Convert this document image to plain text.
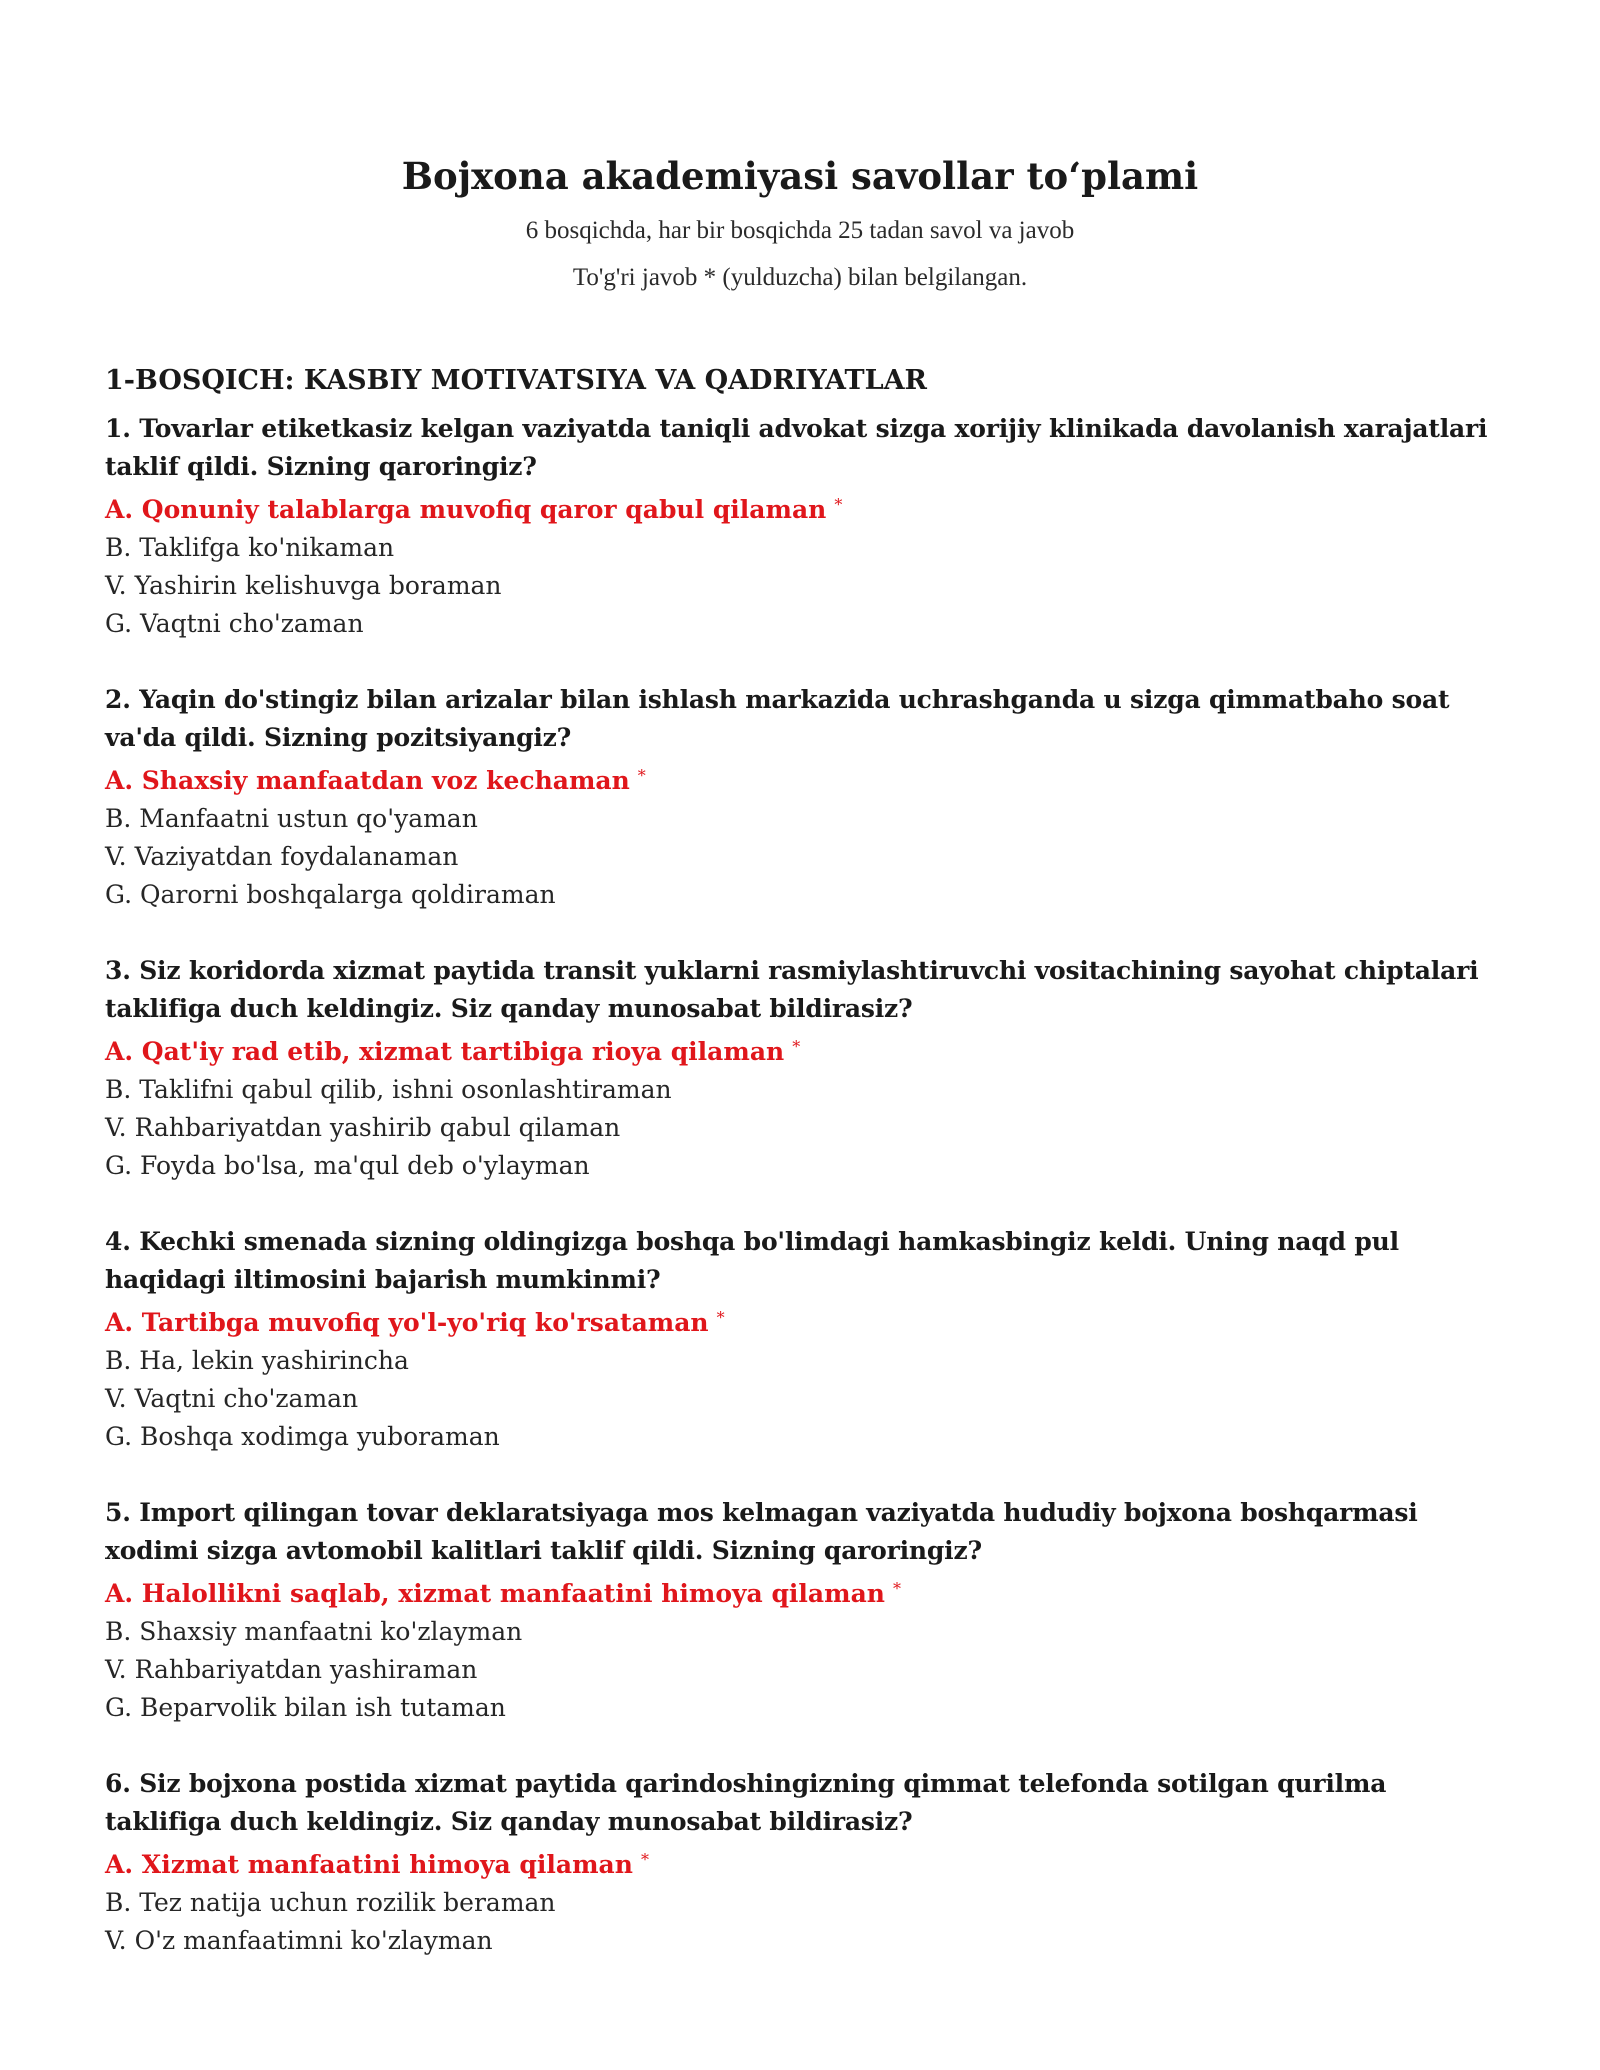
Bojxona akademiyasi savollar to‘plami
6 bosqichda, har bir bosqichda 25 tadan savol va javob
To'g'ri javob * (yulduzcha) bilan belgilangan.
1-BOSQICH: KASBIY MOTIVATSIYA VA QADRIYATLAR
1. Tovarlar etiketkasiz kelgan vaziyatda taniqli advokat sizga xorijiy klinikada davolanish xarajatlari taklif qildi. Sizning qaroringiz?
A. Qonuniy talablarga muvofiq qaror qabul qilaman *
B. Taklifga ko'nikaman
V. Yashirin kelishuvga boraman
G. Vaqtni cho'zaman
2. Yaqin do'stingiz bilan arizalar bilan ishlash markazida uchrashganda u sizga qimmatbaho soat va'da qildi. Sizning pozitsiyangiz?
A. Shaxsiy manfaatdan voz kechaman *
B. Manfaatni ustun qo'yaman
V. Vaziyatdan foydalanaman
G. Qarorni boshqalarga qoldiraman
3. Siz koridorda xizmat paytida transit yuklarni rasmiylashtiruvchi vositachining sayohat chiptalari taklifiga duch keldingiz. Siz qanday munosabat bildirasiz?
A. Qat'iy rad etib, xizmat tartibiga rioya qilaman *
B. Taklifni qabul qilib, ishni osonlashtiraman
V. Rahbariyatdan yashirib qabul qilaman
G. Foyda bo'lsa, ma'qul deb o'ylayman
4. Kechki smenada sizning oldingizga boshqa bo'limdagi hamkasbingiz keldi. Uning naqd pul haqidagi iltimosini bajarish mumkinmi?
A. Tartibga muvofiq yo'l-yo'riq ko'rsataman *
B. Ha, lekin yashirincha
V. Vaqtni cho'zaman
G. Boshqa xodimga yuboraman
5. Import qilingan tovar deklaratsiyaga mos kelmagan vaziyatda hududiy bojxona boshqarmasi xodimi sizga avtomobil kalitlari taklif qildi. Sizning qaroringiz?
A. Halollikni saqlab, xizmat manfaatini himoya qilaman *
B. Shaxsiy manfaatni ko'zlayman
V. Rahbariyatdan yashiraman
G. Beparvolik bilan ish tutaman
6. Siz bojxona postida xizmat paytida qarindoshingizning qimmat telefonda sotilgan qurilma taklifiga duch keldingiz. Siz qanday munosabat bildirasiz?
A. Xizmat manfaatini himoya qilaman *
B. Tez natija uchun rozilik beraman
V. O'z manfaatimni ko'zlayman
